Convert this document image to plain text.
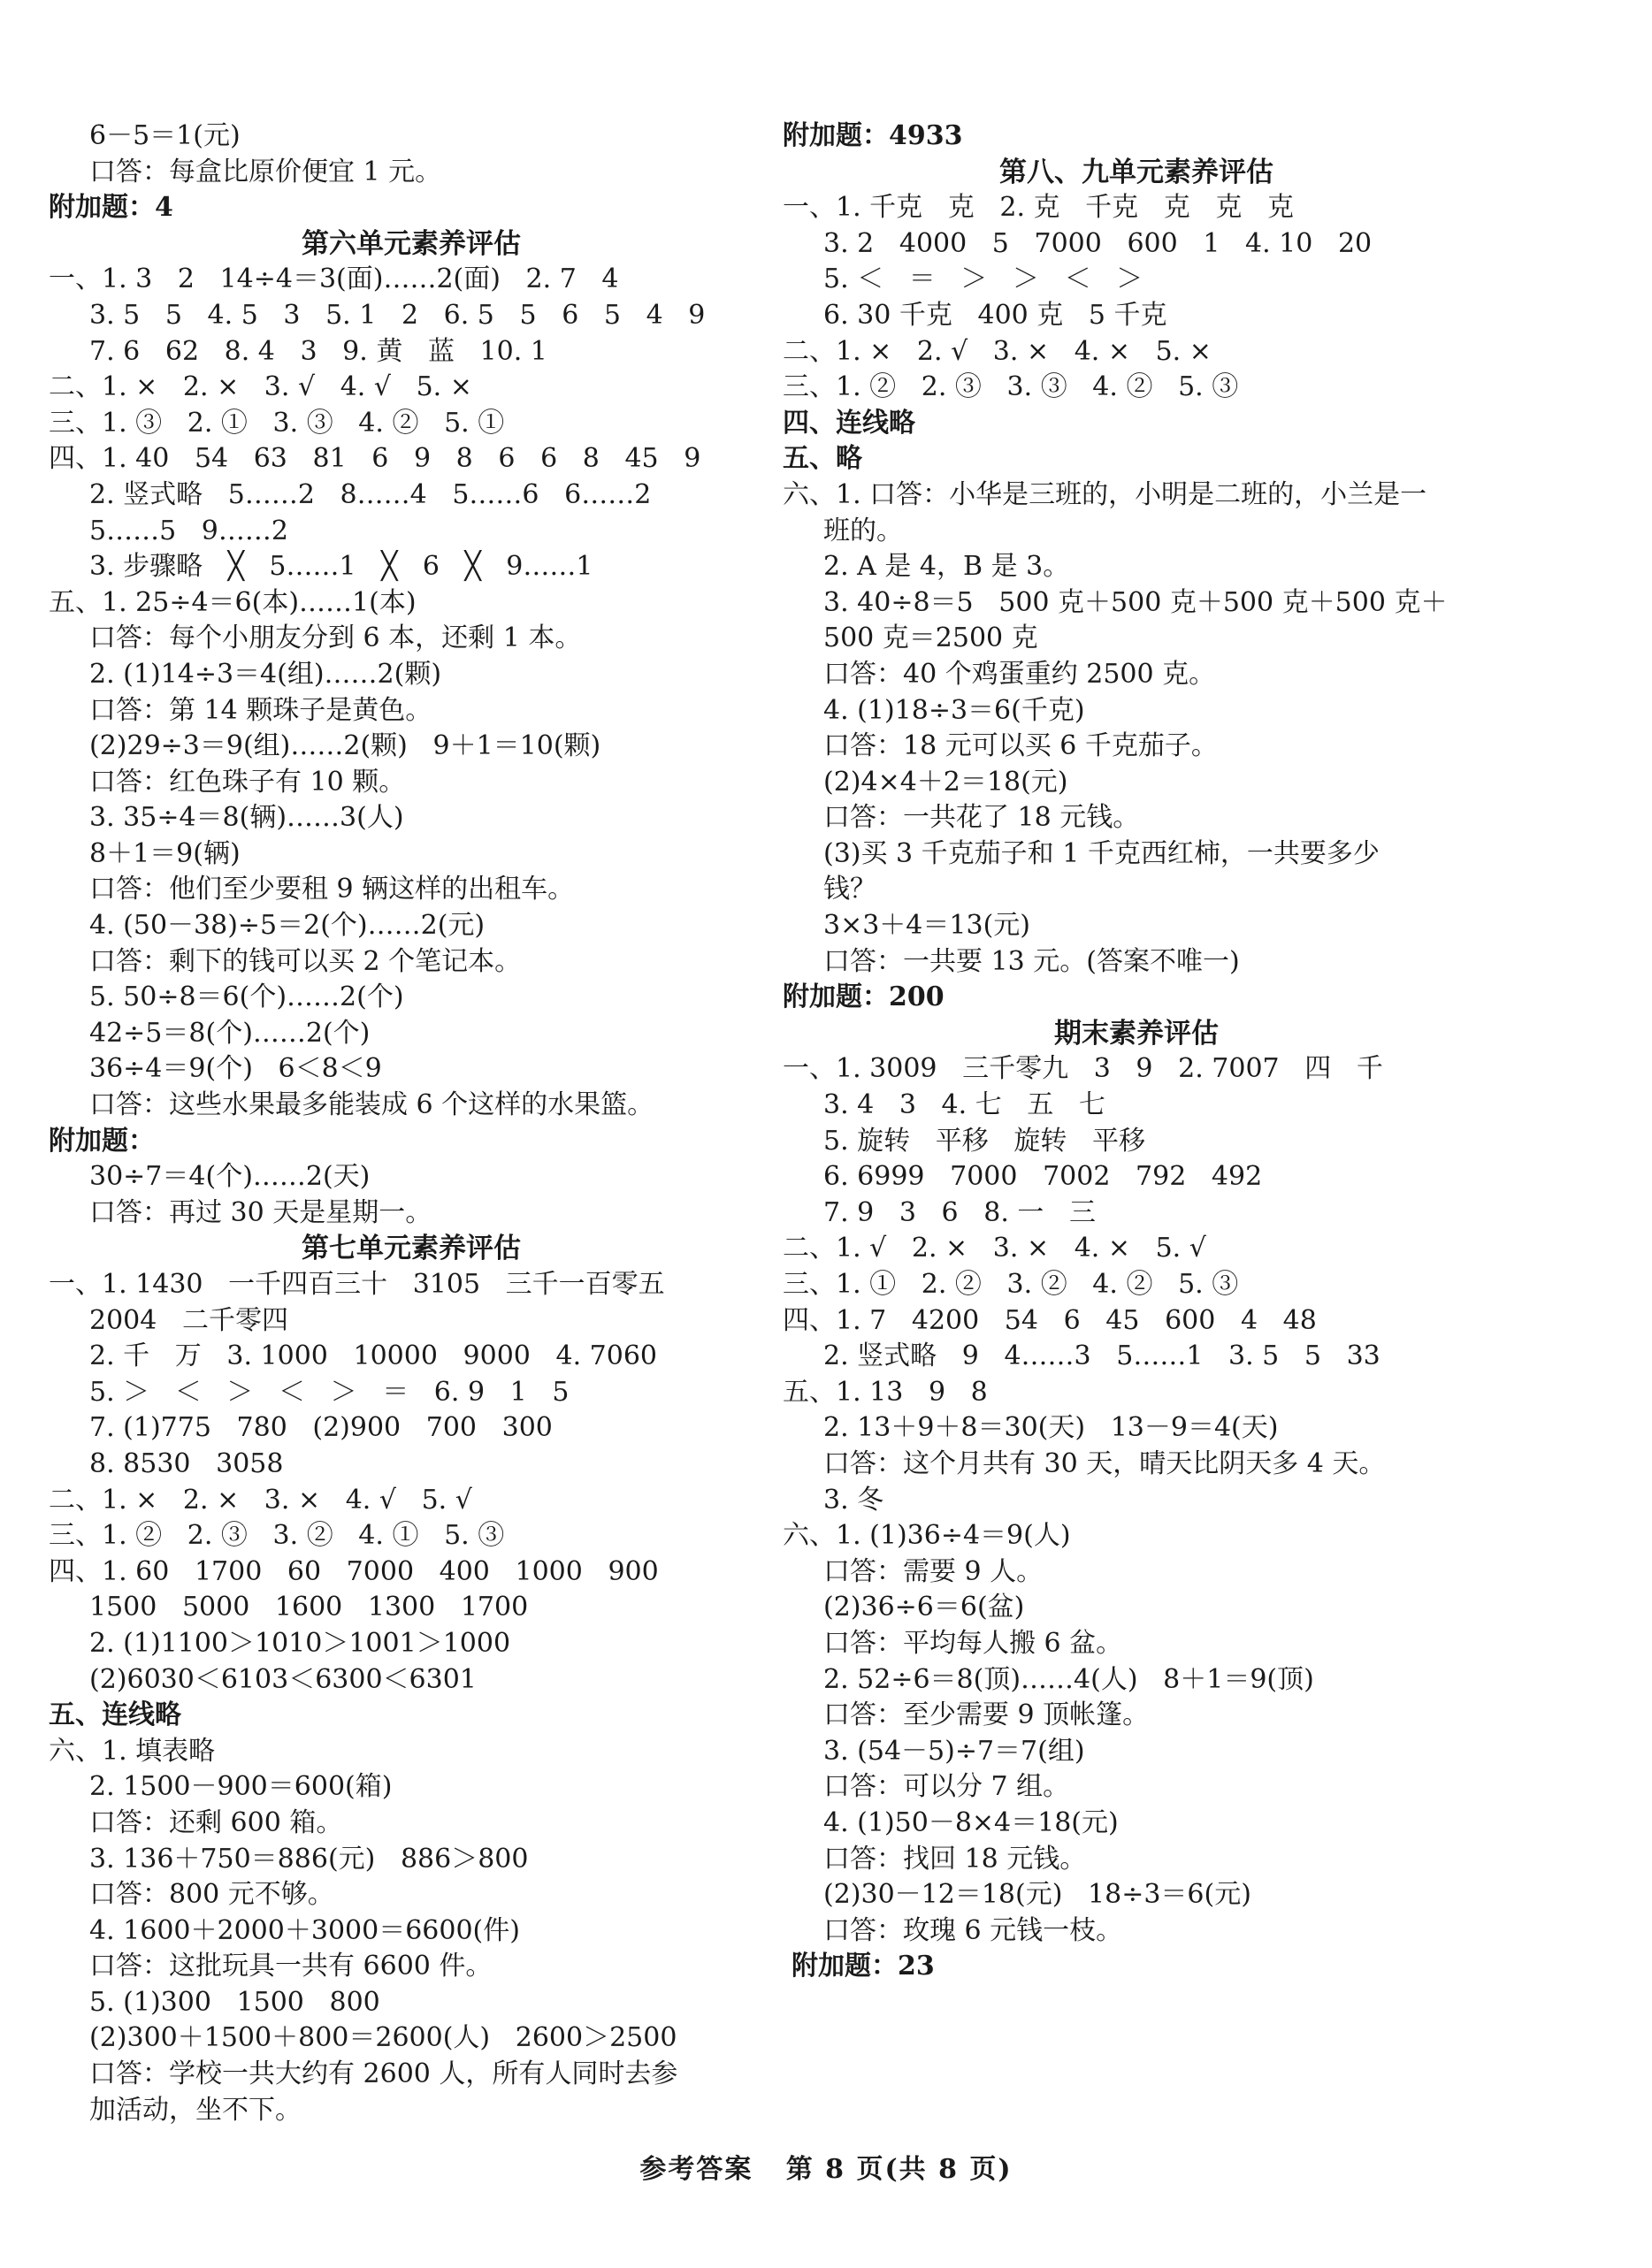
6－5＝1(元)
口答：每盒比原价便宜 1 元。
附加题：4
第六单元素养评估
一、1. 3   2   14÷4＝3(面)……2(面)   2. 7   4
3. 5   5   4. 5   3   5. 1   2   6. 5   5   6   5   4   9
7. 6   62   8. 4   3   9. 黄   蓝   10. 1
二、1. ×   2. ×   3. √   4. √   5. ×
三、1. ③   2. ①   3. ③   4. ②   5. ①
四、1. 40   54   63   81   6   9   8   6   6   8   45   9
2. 竖式略   5……2   8……4   5……6   6……2
5……5   9……2
3. 步骤略   ╳   5……1   ╳   6   ╳   9……1
五、1. 25÷4＝6(本)……1(本)
口答：每个小朋友分到 6 本，还剩 1 本。
2. (1)14÷3＝4(组)……2(颗)
口答：第 14 颗珠子是黄色。
(2)29÷3＝9(组)……2(颗)   9＋1＝10(颗)
口答：红色珠子有 10 颗。
3. 35÷4＝8(辆)……3(人)
8＋1＝9(辆)
口答：他们至少要租 9 辆这样的出租车。
4. (50－38)÷5＝2(个)……2(元)
口答：剩下的钱可以买 2 个笔记本。
5. 50÷8＝6(个)……2(个)
42÷5＝8(个)……2(个)
36÷4＝9(个)   6＜8＜9
口答：这些水果最多能装成 6 个这样的水果篮。
附加题：
30÷7＝4(个)……2(天)
口答：再过 30 天是星期一。
第七单元素养评估
一、1. 1430   一千四百三十   3105   三千一百零五
2004   二千零四
2. 千   万   3. 1000   10000   9000   4. 7060
5. ＞   ＜   ＞   ＜   ＞   ＝   6. 9   1   5
7. (1)775   780   (2)900   700   300
8. 8530   3058
二、1. ×   2. ×   3. ×   4. √   5. √
三、1. ②   2. ③   3. ②   4. ①   5. ③
四、1. 60   1700   60   7000   400   1000   900
1500   5000   1600   1300   1700
2. (1)1100＞1010＞1001＞1000
(2)6030＜6103＜6300＜6301
五、连线略
六、1. 填表略
2. 1500－900＝600(箱)
口答：还剩 600 箱。
3. 136＋750＝886(元)   886＞800
口答：800 元不够。
4. 1600＋2000＋3000＝6600(件)
口答：这批玩具一共有 6600 件。
5. (1)300   1500   800
(2)300＋1500＋800＝2600(人)   2600＞2500
口答：学校一共大约有 2600 人，所有人同时去参
加活动，坐不下。
附加题：4933
第八、九单元素养评估
一、1. 千克   克   2. 克   千克   克   克   克
3. 2   4000   5   7000   600   1   4. 10   20
5. ＜   ＝   ＞   ＞   ＜   ＞
6. 30 千克   400 克   5 千克
二、1. ×   2. √   3. ×   4. ×   5. ×
三、1. ②   2. ③   3. ③   4. ②   5. ③
四、连线略
五、略
六、1. 口答：小华是三班的，小明是二班的，小兰是一
班的。
2. A 是 4，B 是 3。
3. 40÷8＝5   500 克＋500 克＋500 克＋500 克＋
500 克＝2500 克
口答：40 个鸡蛋重约 2500 克。
4. (1)18÷3＝6(千克)
口答：18 元可以买 6 千克茄子。
(2)4×4＋2＝18(元)
口答：一共花了 18 元钱。
(3)买 3 千克茄子和 1 千克西红柿，一共要多少
钱？
3×3＋4＝13(元)
口答：一共要 13 元。(答案不唯一)
附加题：200
期末素养评估
一、1. 3009   三千零九   3   9   2. 7007   四   千
3. 4   3   4. 七   五   七
5. 旋转   平移   旋转   平移
6. 6999   7000   7002   792   492
7. 9   3   6   8. 一   三
二、1. √   2. ×   3. ×   4. ×   5. √
三、1. ①   2. ②   3. ②   4. ②   5. ③
四、1. 7   4200   54   6   45   600   4   48
2. 竖式略   9   4……3   5……1   3. 5   5   33
五、1. 13   9   8
2. 13＋9＋8＝30(天)   13－9＝4(天)
口答：这个月共有 30 天，晴天比阴天多 4 天。
3. 冬
六、1. (1)36÷4＝9(人)
口答：需要 9 人。
(2)36÷6＝6(盆)
口答：平均每人搬 6 盆。
2. 52÷6＝8(顶)……4(人)   8＋1＝9(顶)
口答：至少需要 9 顶帐篷。
3. (54－5)÷7＝7(组)
口答：可以分 7 组。
4. (1)50－8×4＝18(元)
口答：找回 18 元钱。
(2)30－12＝18(元)   18÷3＝6(元)
口答：玫瑰 6 元钱一枝。
附加题：23
参考答案   第 8 页(共 8 页)
